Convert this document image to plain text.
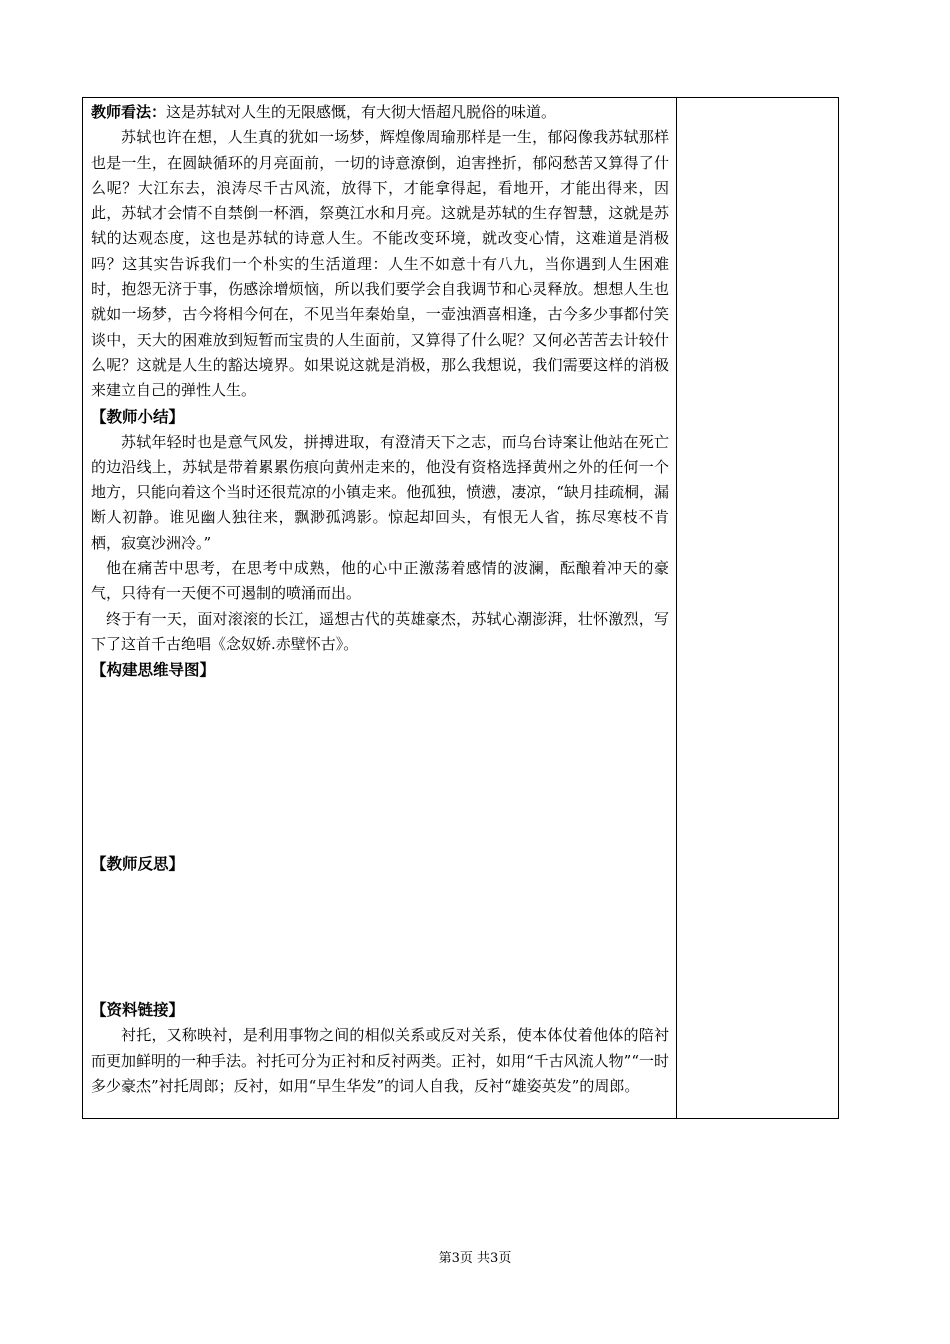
教师看法：这是苏轼对人生的无限感慨，有大彻大悟超凡脱俗的味道。

苏轼也许在想，人生真的犹如一场梦，辉煌像周瑜那样是一生，郁闷像我苏轼那样也是一生，在圆缺循环的月亮面前，一切的诗意潦倒，迫害挫折，郁闷愁苦又算得了什么呢？大江东去，浪涛尽千古风流，放得下，才能拿得起，看地开，才能出得来，因此，苏轼才会情不自禁倒一杯酒，祭奠江水和月亮。这就是苏轼的生存智慧，这就是苏轼的达观态度，这也是苏轼的诗意人生。不能改变环境，就改变心情，这难道是消极吗？这其实告诉我们一个朴实的生活道理：人生不如意十有八九，当你遇到人生困难时，抱怨无济于事，伤感涂增烦恼，所以我们要学会自我调节和心灵释放。想想人生也就如一场梦，古今将相今何在，不见当年秦始皇，一壶浊酒喜相逢，古今多少事都付笑谈中，天大的困难放到短暂而宝贵的人生面前，又算得了什么呢？又何必苦苦去计较什么呢？这就是人生的豁达境界。如果说这就是消极，那么我想说，我们需要这样的消极来建立自己的弹性人生。

【教师小结】

苏轼年轻时也是意气风发，拼搏进取，有澄清天下之志，而乌台诗案让他站在死亡的边沿线上，苏轼是带着累累伤痕向黄州走来的，他没有资格选择黄州之外的任何一个地方，只能向着这个当时还很荒凉的小镇走来。他孤独，愤懑，凄凉，“缺月挂疏桐，漏断人初静。谁见幽人独往来，飘渺孤鸿影。惊起却回头，有恨无人省，拣尽寒枝不肯栖，寂寞沙洲冷。”

他在痛苦中思考，在思考中成熟，他的心中正激荡着感情的波澜，酝酿着冲天的豪气，只待有一天便不可遏制的喷涌而出。

终于有一天，面对滚滚的长江，遥想古代的英雄豪杰，苏轼心潮澎湃，壮怀激烈，写下了这首千古绝唱《念奴娇.赤壁怀古》。

【构建思维导图】

【教师反思】

【资料链接】

衬托，又称映衬，是利用事物之间的相似关系或反对关系，使本体仗着他体的陪衬而更加鲜明的一种手法。衬托可分为正衬和反衬两类。正衬，如用“千古风流人物”“一时多少豪杰”衬托周郎；反衬，如用“早生华发”的词人自我，反衬“雄姿英发”的周郎。

第3页 共3页
